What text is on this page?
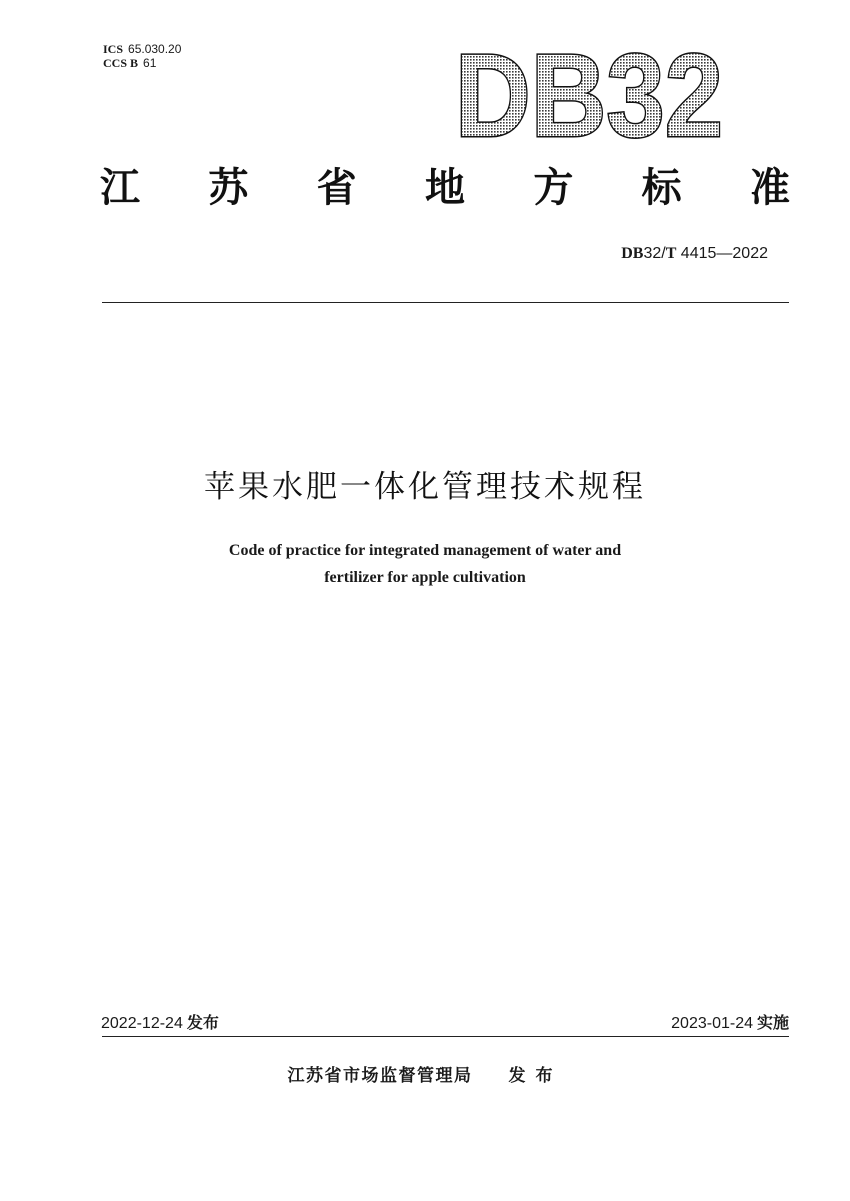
ICS 65.030.20
CCS B 61	DB32
江 苏 省 地 方 标 准
DB32/T 4415—2022
苹果水肥一体化管理技术规程
Code of practice for integrated management of water and
fertilizer for apple cultivation
2022-12-24 发布	2023-01-24 实施
江苏省市场监督管理局 发布
